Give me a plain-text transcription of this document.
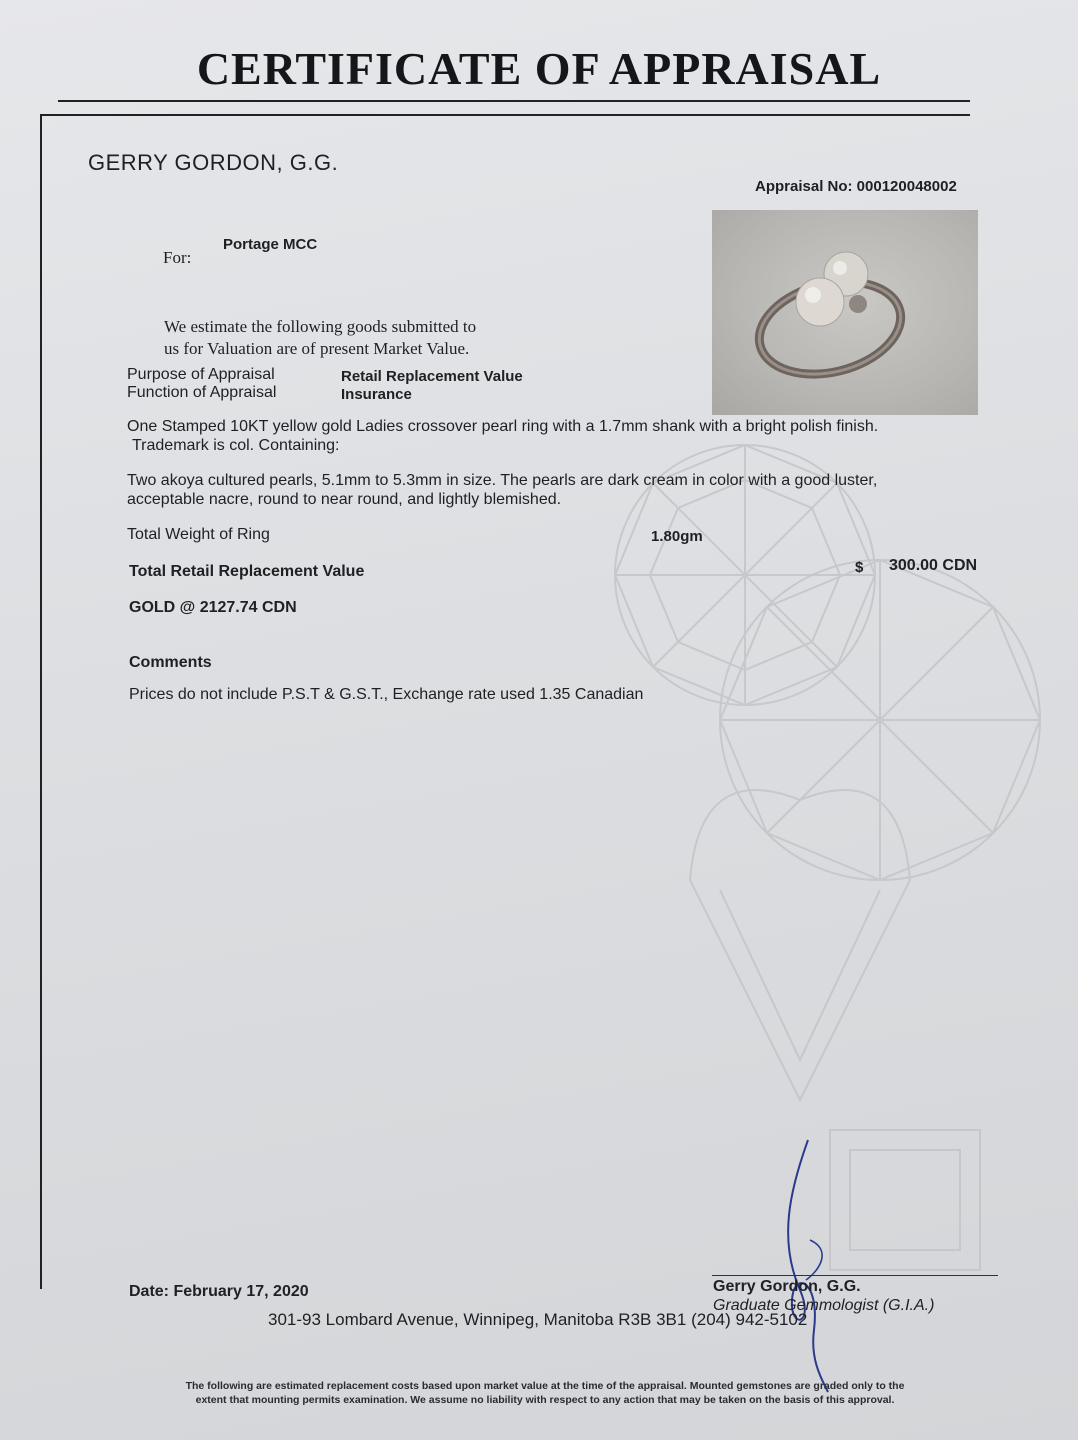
CERTIFICATE OF APPRAISAL
GERRY GORDON, G.G.
Appraisal No: 000120048002
For:
Portage MCC
We estimate the following goods submitted to
us for Valuation are of present Market Value.
Purpose of Appraisal	Retail Replacement Value
Function of Appraisal	Insurance
One Stamped 10KT yellow gold Ladies crossover pearl ring with a 1.7mm shank with a bright polish finish.
Trademark is col. Containing:
Two akoya cultured pearls, 5.1mm to 5.3mm in size. The pearls are dark cream in color with a good luster,
acceptable nacre, round to near round, and lightly blemished.
Total Weight of Ring	1.80gm
Total Retail Replacement Value	$ 300.00 CDN
GOLD @ 2127.74 CDN
Comments
Prices do not include P.S.T & G.S.T., Exchange rate used 1.35 Canadian
Gerry Gordon, G.G.
Graduate Gemmologist (G.I.A.)
Date: February 17, 2020
301-93 Lombard Avenue, Winnipeg, Manitoba R3B 3B1 (204) 942-5102
The following are estimated replacement costs based upon market value at the time of the appraisal. Mounted gemstones are graded only to the
extent that mounting permits examination. We assume no liability with respect to any action that may be taken on the basis of this approval.
